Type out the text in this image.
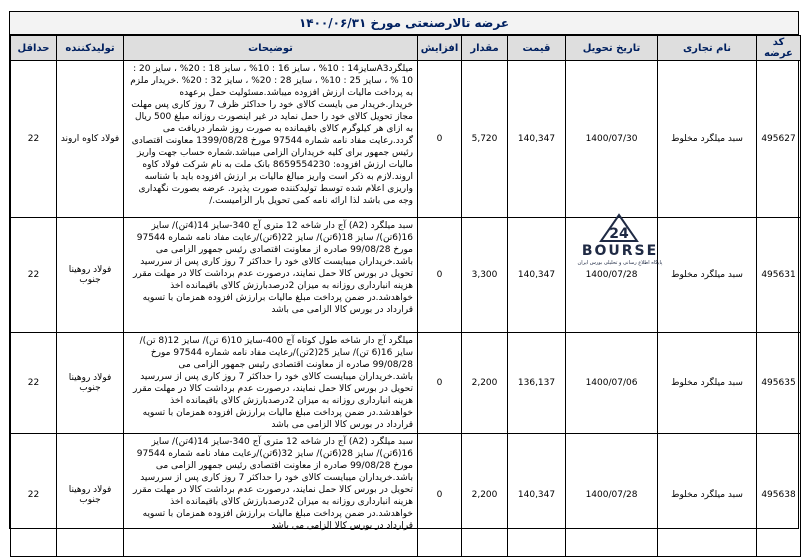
عرضه تالارصنعتی مورخ ۱۴۰۰/۰۶/۳۱
کد عرضه	نام تجاری	تاریخ تحویل	قیمت	مقدار	افزایش	توضیحات	تولیدکننده	حداقل
495627	سبد میلگرد مخلوط	1400/07/30	140,347	5,720	0	میلگردA3سایز14 : 10% ، سایز 16 : 10% ، سایز 18 : 20% ، سایز 20 : 10 % ، سایز 25 : 10% ، سایز 28 : 20% ، سایز 32 : 20% .خریدار ملزم به پرداخت مالیات ارزش افزوده میباشد.مسئولیت حمل برعهده خریدار.خریدار می بایست کالای خود را حداکثر ظرف 7 روز کاری پس مهلت مجاز تحویل کالای خود را حمل نماید در غیر اینصورت روزانه مبلغ 500 ریال به ازای هر کیلوگرم کالای باقیمانده به صورت روز شمار دریافت می گردد.رعایت مفاد نامه شماره 97544 مورخ 1399/08/28 معاونت اقتصادی رئیس جمهور برای کلیه خریداران الزامی میباشد.شماره حساب جهت واریز مالیات ارزش افزوده: 8659554230 بانک ملت به نام شرکت فولاد کاوه اروند.لازم به ذکر است واریز مبالغ مالیات بر ارزش افزوده باید با شناسه واریزی اعلام شده توسط تولیدکننده صورت پذیرد. عرضه بصورت نگهداری وجه می باشد لذا ارائه نامه کمی تحویل بار الزامیست./	فولاد کاوه اروند	22
495631	سبد میلگرد مخلوط	1400/07/28	140,347	3,300	0	سبد میلگرد (A2) آج دار شاخه 12 متری آج 340-سایز 14(4تن)/ سایز 16(6تن)/ سایز 18(6تن)/ سایز 22(6تن)/رعایت مفاد نامه شماره 97544 مورخ 99/08/28 صادره از معاونت اقتصادی رئیس جمهور الزامی می باشد.خریداران میبایست کالای خود را حداکثر 7 روز کاری پس از سررسید تحویل در بورس کالا حمل نمایند، درصورت عدم برداشت کالا در مهلت مقرر هزینه انبارداری روزانه به میزان 2درصدبارزش کالای باقیمانده اخذ خواهدشد.در ضمن پرداخت مبلغ مالیات برارزش افزوده همزمان با تسویه قرارداد در بورس کالا الزامی می باشد	فولاد روهینا جنوب	22
495635	سبد میلگرد مخلوط	1400/07/06	136,137	2,200	0	میلگرد آج دار شاخه طول کوتاه آج 400-سایز 10(6 تن)/ سایز 12(8 تن)/ سایز 16(6 تن)/ سایز 25(2تن)/رعایت مفاد نامه شماره 97544 مورخ 99/08/28 صادره از معاونت اقتصادی رئیس جمهور الزامی می باشد.خریداران میبایست کالای خود را حداکثر 7 روز کاری پس از سررسید تحویل در بورس کالا حمل نمایند، درصورت عدم برداشت کالا در مهلت مقرر هزینه انبارداری روزانه به میزان 2درصدبارزش کالای باقیمانده اخذ خواهدشد.در ضمن پرداخت مبلغ مالیات برارزش افزوده همزمان با تسویه قرارداد در بورس کالا الزامی می باشد	فولاد روهینا جنوب	22
495638	سبد میلگرد مخلوط	1400/07/28	140,347	2,200	0	سبد میلگرد (A2) آج دار شاخه 12 متری آج 340-سایز 14(4تن)/ سایز 16(6تن)/ سایز 28(6تن)/ سایز 32(6تن)/رعایت مفاد نامه شماره 97544 مورخ 99/08/28 صادره از معاونت اقتصادی رئیس جمهور الزامی می باشد.خریداران میبایست کالای خود را حداکثر 7 روز کاری پس از سررسید تحویل در بورس کالا حمل نمایند، درصورت عدم برداشت کالا در مهلت مقرر هزینه انبارداری روزانه به میزان 2درصدبارزش کالای باقیمانده اخذ خواهدشد.در ضمن پرداخت مبلغ مالیات برارزش افزوده همزمان با تسویه قرارداد در بورس کالا الزامی می باشد	فولاد روهینا جنوب	22
24
BOURSE
پایگاه اطلاع رسانی و تحلیلی بورس ایران
